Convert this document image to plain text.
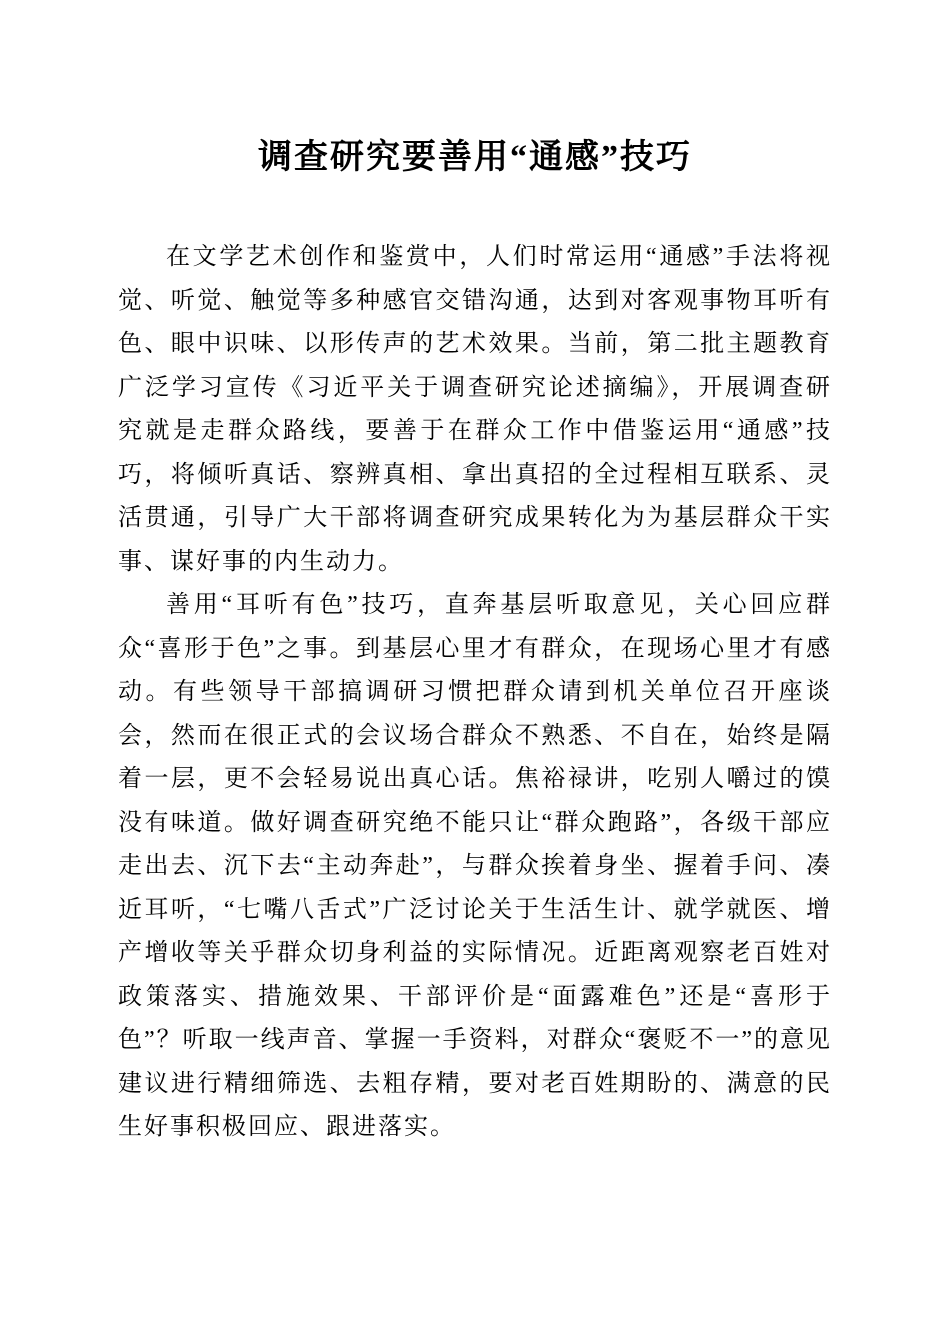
调查研究要善用“通感”技巧

在文学艺术创作和鉴赏中，人们时常运用“通感”手法将视觉、听觉、触觉等多种感官交错沟通，达到对客观事物耳听有色、眼中识味、以形传声的艺术效果。当前，第二批主题教育广泛学习宣传《习近平关于调查研究论述摘编》，开展调查研究就是走群众路线，要善于在群众工作中借鉴运用“通感”技巧，将倾听真话、察辨真相、拿出真招的全过程相互联系、灵活贯通，引导广大干部将调查研究成果转化为为基层群众干实事、谋好事的内生动力。

善用“耳听有色”技巧，直奔基层听取意见，关心回应群众“喜形于色”之事。到基层心里才有群众，在现场心里才有感动。有些领导干部搞调研习惯把群众请到机关单位召开座谈会，然而在很正式的会议场合群众不熟悉、不自在，始终是隔着一层，更不会轻易说出真心话。焦裕禄讲，吃别人嚼过的馍没有味道。做好调查研究绝不能只让“群众跑路”，各级干部应走出去、沉下去“主动奔赴”，与群众挨着身坐、握着手问、凑近耳听，“七嘴八舌式”广泛讨论关于生活生计、就学就医、增产增收等关乎群众切身利益的实际情况。近距离观察老百姓对政策落实、措施效果、干部评价是“面露难色”还是“喜形于色”？听取一线声音、掌握一手资料，对群众“褒贬不一”的意见建议进行精细筛选、去粗存精，要对老百姓期盼的、满意的民生好事积极回应、跟进落实。
